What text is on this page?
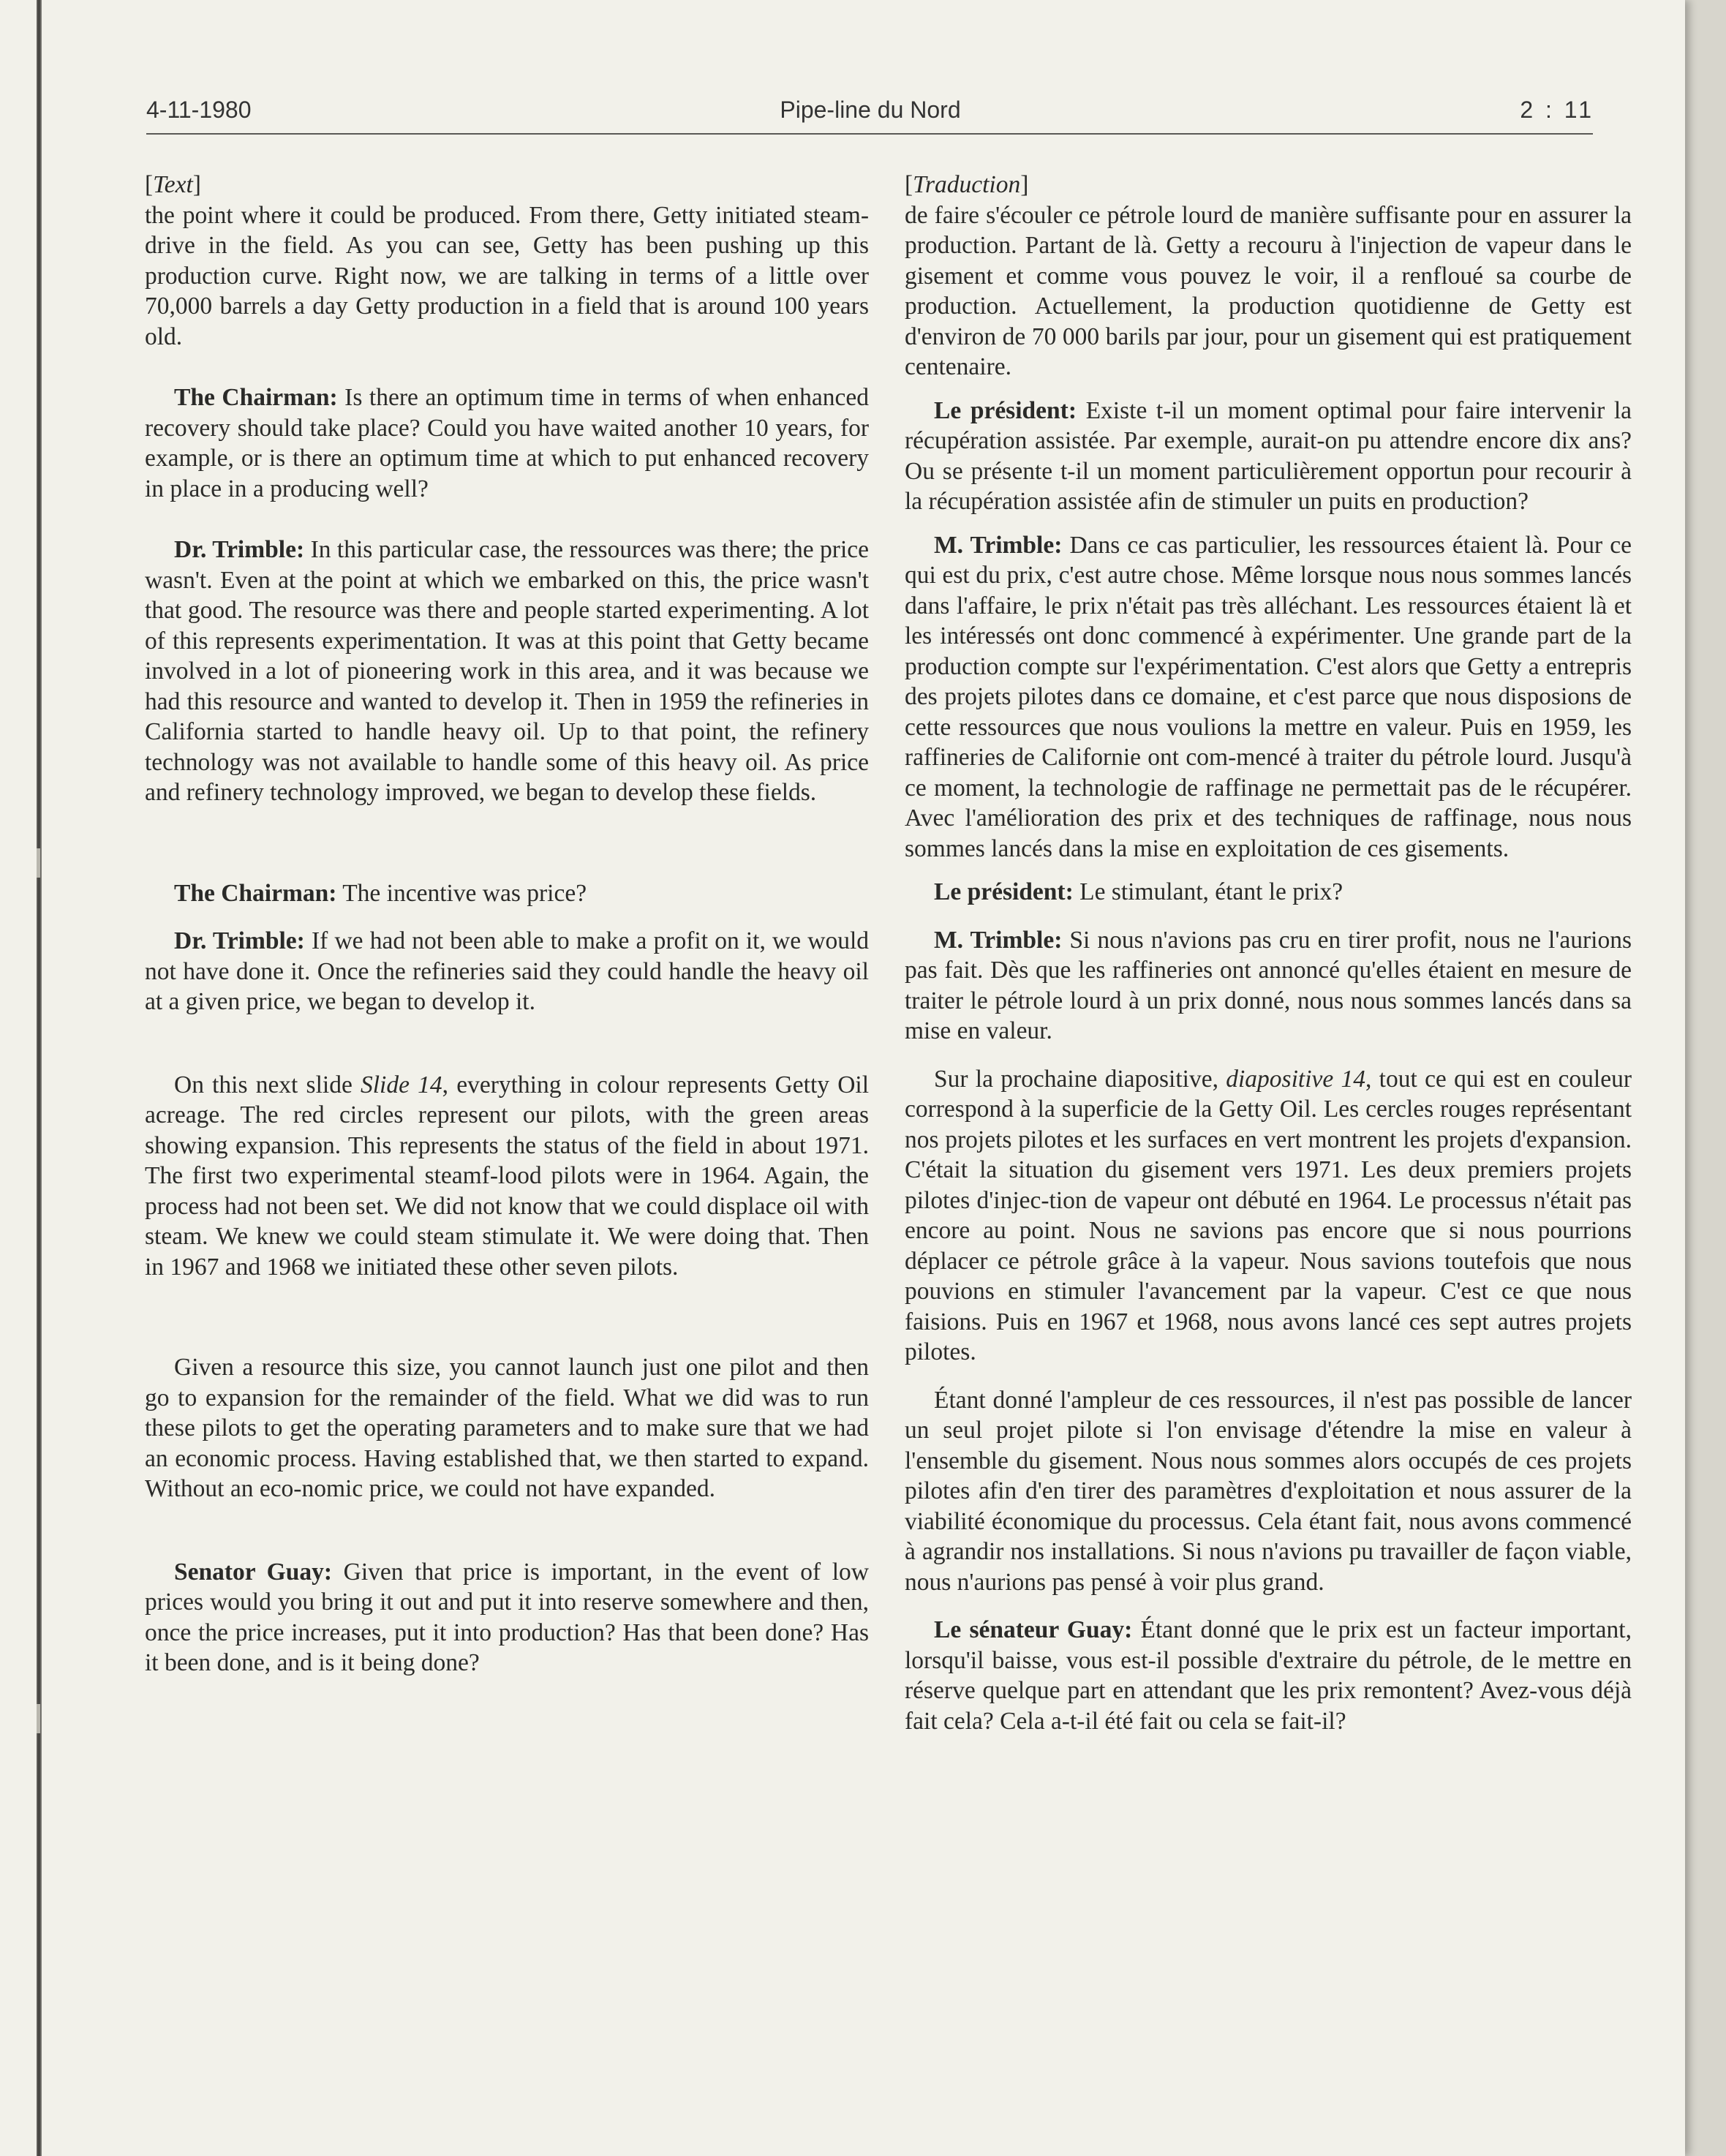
4-11-1980	Pipe-line du Nord	2 : 11

[Text]

the point where it could be produced. From there, Getty initiated steam-drive in the field. As you can see, Getty has been pushing up this production curve. Right now, we are talking in terms of a little over 70,000 barrels a day Getty production in a field that is around 100 years old.

The Chairman: Is there an optimum time in terms of when enhanced recovery should take place? Could you have waited another 10 years, for example, or is there an optimum time at which to put enhanced recovery in place in a producing well?

Dr. Trimble: In this particular case, the ressources was there; the price wasn't. Even at the point at which we embarked on this, the price wasn't that good. The resource was there and people started experimenting. A lot of this represents experimentation. It was at this point that Getty became involved in a lot of pioneering work in this area, and it was because we had this resource and wanted to develop it. Then in 1959 the refineries in California started to handle heavy oil. Up to that point, the refinery technology was not available to handle some of this heavy oil. As price and refinery technology improved, we began to develop these fields.

The Chairman: The incentive was price?

Dr. Trimble: If we had not been able to make a profit on it, we would not have done it. Once the refineries said they could handle the heavy oil at a given price, we began to develop it.

On this next slide Slide 14, everything in colour represents Getty Oil acreage. The red circles represent our pilots, with the green areas showing expansion. This represents the status of the field in about 1971. The first two experimental steamf-lood pilots were in 1964. Again, the process had not been set. We did not know that we could displace oil with steam. We knew we could steam stimulate it. We were doing that. Then in 1967 and 1968 we initiated these other seven pilots.

Given a resource this size, you cannot launch just one pilot and then go to expansion for the remainder of the field. What we did was to run these pilots to get the operating parameters and to make sure that we had an economic process. Having established that, we then started to expand. Without an eco-nomic price, we could not have expanded.

Senator Guay: Given that price is important, in the event of low prices would you bring it out and put it into reserve somewhere and then, once the price increases, put it into production? Has that been done? Has it been done, and is it being done?

[Traduction]

de faire s'écouler ce pétrole lourd de manière suffisante pour en assurer la production. Partant de là. Getty a recouru à l'injection de vapeur dans le gisement et comme vous pouvez le voir, il a renfloué sa courbe de production. Actuellement, la production quotidienne de Getty est d'environ de 70 000 barils par jour, pour un gisement qui est pratiquement centenaire.

Le président: Existe t-il un moment optimal pour faire intervenir la récupération assistée. Par exemple, aurait-on pu attendre encore dix ans? Ou se présente t-il un moment particulièrement opportun pour recourir à la récupération assistée afin de stimuler un puits en production?

M. Trimble: Dans ce cas particulier, les ressources étaient là. Pour ce qui est du prix, c'est autre chose. Même lorsque nous nous sommes lancés dans l'affaire, le prix n'était pas très alléchant. Les ressources étaient là et les intéressés ont donc commencé à expérimenter. Une grande part de la production compte sur l'expérimentation. C'est alors que Getty a entrepris des projets pilotes dans ce domaine, et c'est parce que nous disposions de cette ressources que nous voulions la mettre en valeur. Puis en 1959, les raffineries de Californie ont com-mencé à traiter du pétrole lourd. Jusqu'à ce moment, la technologie de raffinage ne permettait pas de le récupérer. Avec l'amélioration des prix et des techniques de raffinage, nous nous sommes lancés dans la mise en exploitation de ces gisements.

Le président: Le stimulant, étant le prix?

M. Trimble: Si nous n'avions pas cru en tirer profit, nous ne l'aurions pas fait. Dès que les raffineries ont annoncé qu'elles étaient en mesure de traiter le pétrole lourd à un prix donné, nous nous sommes lancés dans sa mise en valeur.

Sur la prochaine diapositive, diapositive 14, tout ce qui est en couleur correspond à la superficie de la Getty Oil. Les cercles rouges représentant nos projets pilotes et les surfaces en vert montrent les projets d'expansion. C'était la situation du gisement vers 1971. Les deux premiers projets pilotes d'injec-tion de vapeur ont débuté en 1964. Le processus n'était pas encore au point. Nous ne savions pas encore que si nous pourrions déplacer ce pétrole grâce à la vapeur. Nous savions toutefois que nous pouvions en stimuler l'avancement par la vapeur. C'est ce que nous faisions. Puis en 1967 et 1968, nous avons lancé ces sept autres projets pilotes.

Étant donné l'ampleur de ces ressources, il n'est pas possible de lancer un seul projet pilote si l'on envisage d'étendre la mise en valeur à l'ensemble du gisement. Nous nous sommes alors occupés de ces projets pilotes afin d'en tirer des paramètres d'exploitation et nous assurer de la viabilité économique du processus. Cela étant fait, nous avons commencé à agrandir nos installations. Si nous n'avions pu travailler de façon viable, nous n'aurions pas pensé à voir plus grand.

Le sénateur Guay: Étant donné que le prix est un facteur important, lorsqu'il baisse, vous est-il possible d'extraire du pétrole, de le mettre en réserve quelque part en attendant que les prix remontent? Avez-vous déjà fait cela? Cela a-t-il été fait ou cela se fait-il?
